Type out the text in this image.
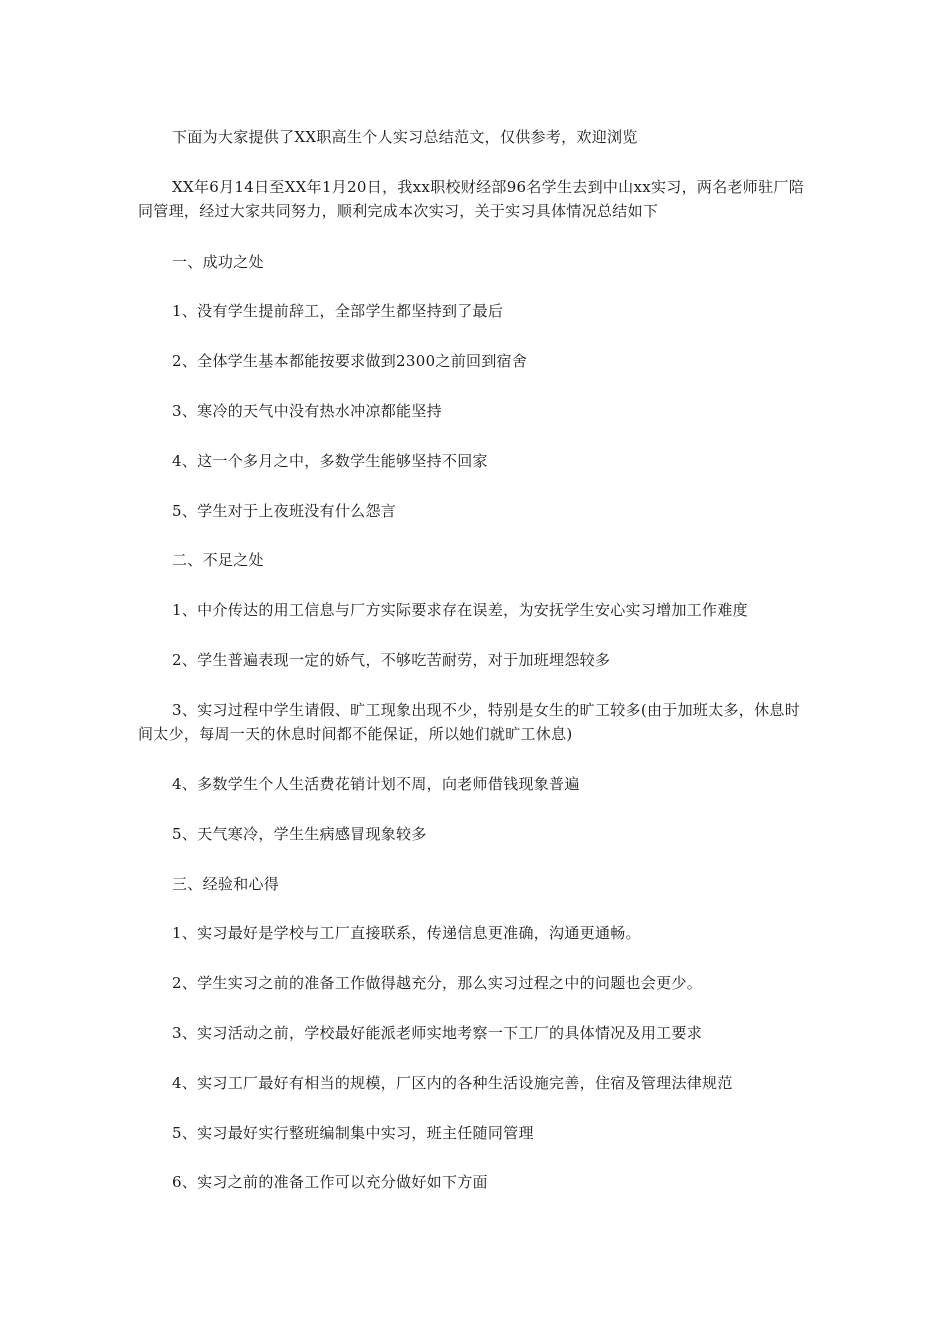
下面为大家提供了XX职高生个人实习总结范文，仅供参考，欢迎浏览

XX年6月14日至XX年1月20日，我xx职校财经部96名学生去到中山xx实习，两名老师驻厂陪同管理，经过大家共同努力，顺利完成本次实习，关于实习具体情况总结如下

一、成功之处

1、没有学生提前辞工，全部学生都坚持到了最后

2、全体学生基本都能按要求做到2300之前回到宿舍

3、寒冷的天气中没有热水冲凉都能坚持

4、这一个多月之中，多数学生能够坚持不回家

5、学生对于上夜班没有什么怨言

二、不足之处

1、中介传达的用工信息与厂方实际要求存在误差，为安抚学生安心实习增加工作难度

2、学生普遍表现一定的娇气，不够吃苦耐劳，对于加班埋怨较多

3、实习过程中学生请假、旷工现象出现不少，特别是女生的旷工较多(由于加班太多，休息时间太少，每周一天的休息时间都不能保证，所以她们就旷工休息)

4、多数学生个人生活费花销计划不周，向老师借钱现象普遍

5、天气寒冷，学生生病感冒现象较多

三、经验和心得

1、实习最好是学校与工厂直接联系，传递信息更准确，沟通更通畅。

2、学生实习之前的准备工作做得越充分，那么实习过程之中的问题也会更少。

3、实习活动之前，学校最好能派老师实地考察一下工厂的具体情况及用工要求

4、实习工厂最好有相当的规模，厂区内的各种生活设施完善，住宿及管理法律规范

5、实习最好实行整班编制集中实习，班主任随同管理

6、实习之前的准备工作可以充分做好如下方面
